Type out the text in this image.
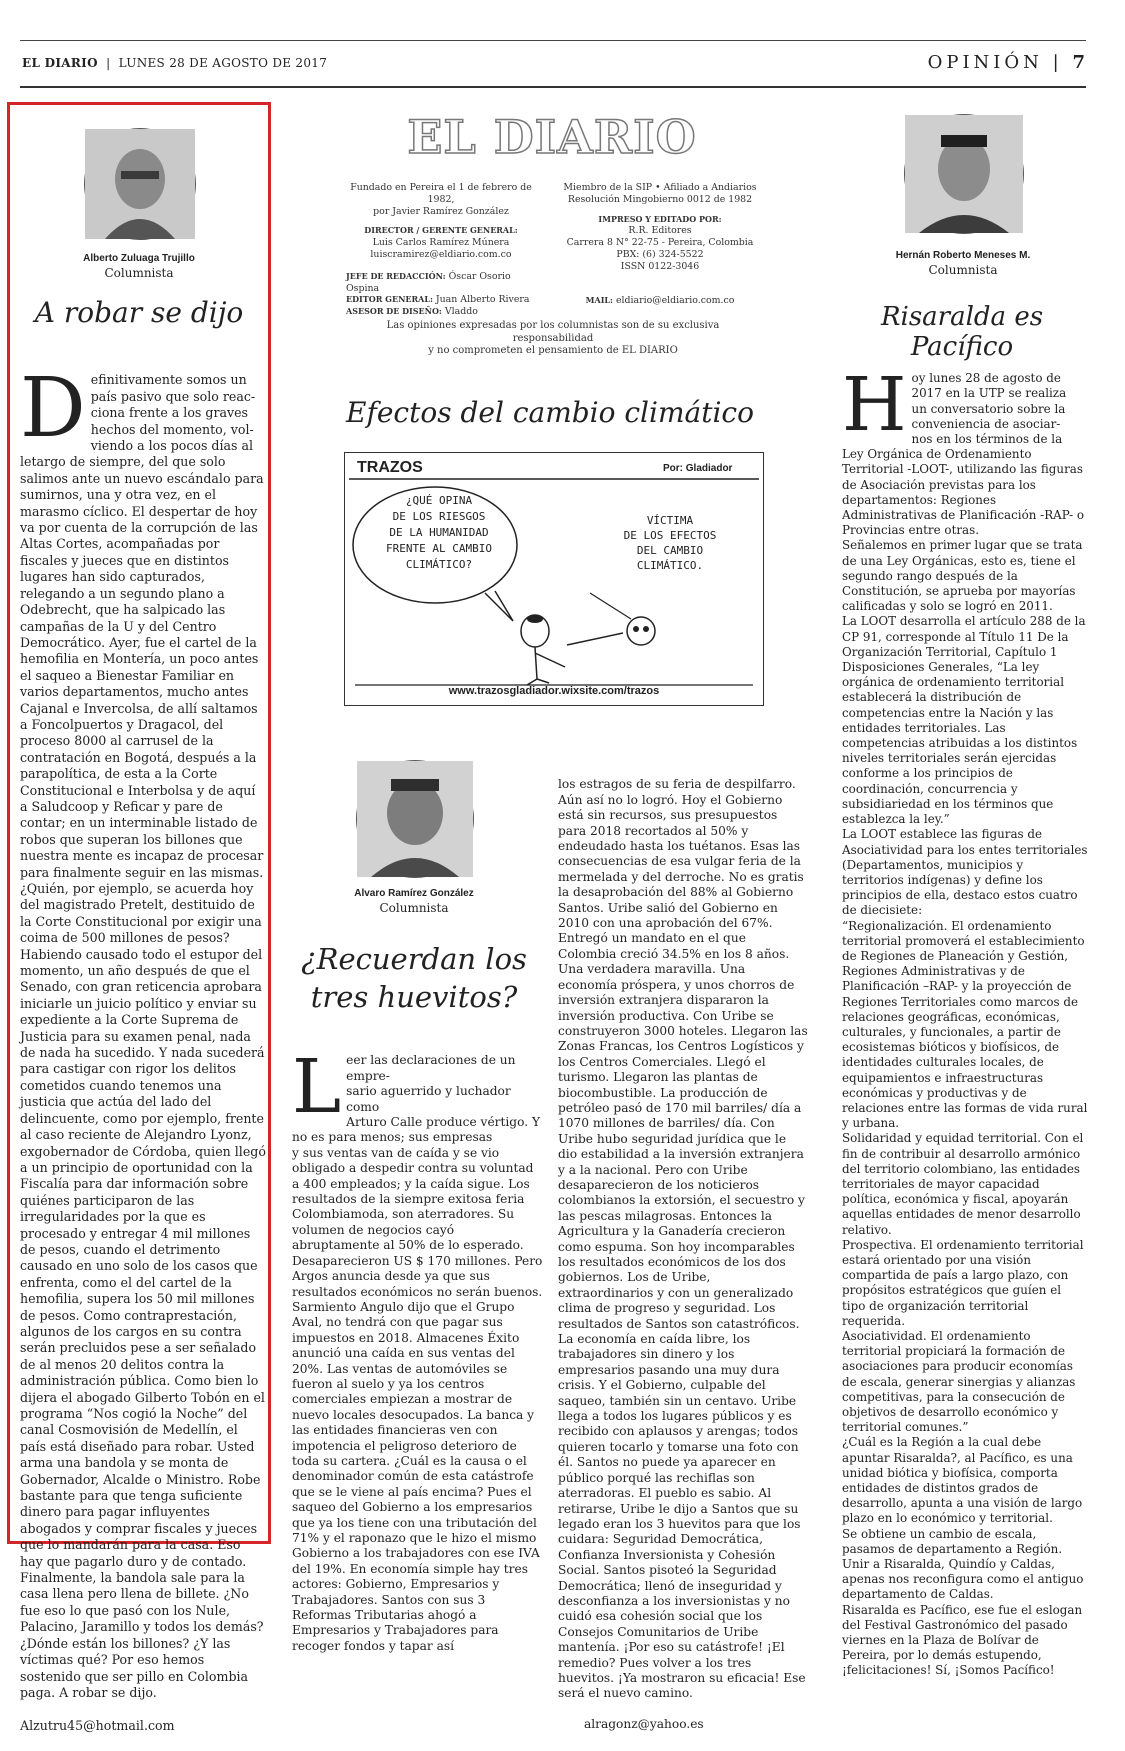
EL DIARIO  |  LUNES 28 DE AGOSTO DE 2017	OPINIÓN | 7
Alberto Zuluaga Trujillo
Columnista
A robar se dijo

Definitivamente somos un
país pasivo que solo reac-
ciona frente a los graves
hechos del momento, vol-
viendo a los pocos días al

letargo de siempre, del que solo salimos ante un nuevo escándalo para sumirnos, una y otra vez, en el marasmo cíclico. El despertar de hoy va por cuenta de la corrupción de las Altas Cortes, acompañadas por fiscales y jueces que en distintos lugares han sido capturados, relegando a un segundo plano a Odebrecht, que ha salpicado las campañas de la U y del Centro Democrático. Ayer, fue el cartel de la hemofilia en Montería, un poco antes el saqueo a Bienestar Familiar en varios departamentos, mucho antes Cajanal e Invercolsa, de allí saltamos a Foncolpuertos y Dragacol, del proceso 8000 al carrusel de la contratación en Bogotá, después a la parapolítica, de esta a la Corte Constitucional e Interbolsa y de aquí a Saludcoop y Reficar y pare de contar; en un interminable listado de robos que superan los billones que nuestra mente es incapaz de procesar para finalmente seguir en las mismas. ¿Quién, por ejemplo, se acuerda hoy del magistrado Pretelt, destituido de la Corte Constitucional por exigir una coima de 500 millones de pesos? Habiendo causado todo el estupor del momento, un año después de que el Senado, con gran reticencia aprobara iniciarle un juicio político y enviar su expediente a la Corte Suprema de Justicia para su examen penal, nada de nada ha sucedido. Y nada sucederá para castigar con rigor los delitos cometidos cuando tenemos una justicia que actúa del lado del delincuente, como por ejemplo, frente al caso reciente de Alejandro Lyonz, exgobernador de Córdoba, quien llegó a un principio de oportunidad con la Fiscalía para dar información sobre quiénes participaron de las irregularidades por la que es procesado y entregar 4 mil millones de pesos, cuando el detrimento causado en uno solo de los casos que enfrenta, como el del cartel de la hemofilia, supera los 50 mil millones de pesos. Como contraprestación, algunos de los cargos en su contra serán precluidos pese a ser señalado de al menos 20 delitos contra la administración pública. Como bien lo dijera el abogado Gilberto Tobón en el programa “Nos cogió la Noche” del canal Cosmovisión de Medellín, el país está diseñado para robar. Usted arma una bandola y se monta de Gobernador, Alcalde o Ministro. Robe bastante para que tenga suficiente dinero para pagar influyentes abogados y comprar fiscales y jueces que lo mandarán para la casa. Eso hay que pagarlo duro y de contado. Finalmente, la bandola sale para la casa llena pero llena de billete. ¿No fue eso lo que pasó con los Nule, Palacino, Jaramillo y todos los demás? ¿Dónde están los billones? ¿Y las víctimas qué? Por eso hemos sostenido que ser pillo en Colombia paga. A robar se dijo.

Alzutru45@hotmail.com

EL DIARIO
Fundado en Pereira el 1 de febrero de 1982,
por Javier Ramírez González
DIRECTOR / GERENTE GENERAL:
Luis Carlos Ramírez Múnera
luiscramirez@eldiario.com.co
JEFE DE REDACCIÓN: Óscar Osorio Ospina
EDITOR GENERAL: Juan Alberto Rivera
ASESOR DE DISEÑO: Vladdo
Miembro de la SIP • Afiliado a Andiarios
Resolución Mingobierno 0012 de 1982
IMPRESO Y EDITADO POR:
R.R. Editores
Carrera 8 N° 22-75 - Pereira, Colombia
PBX: (6) 324-5522
ISSN 0122-3046
MAIL: eldiario@eldiario.com.co
Las opiniones expresadas por los columnistas son de su exclusiva responsabilidad
y no comprometen el pensamiento de EL DIARIO
Efectos del cambio climático
TRAZOS	Por: Gladiador
¿QUÉ OPINA
DE LOS RIESGOS
DE LA HUMANIDAD
FRENTE AL CAMBIO
CLIMÁTICO?
VÍCTIMA
DE LOS EFECTOS
DEL CAMBIO
CLIMÁTICO.
www.trazosgladiador.wixsite.com/trazos
Alvaro Ramírez González
Columnista
¿Recuerdan los
tres huevitos?

Leer las declaraciones de un empre-
sario aguerrido y luchador como
Arturo Calle produce vértigo. Y
no es para menos; sus empresas
y sus ventas van de caída y se vio

obligado a despedir contra su voluntad a 400 empleados; y la caída sigue. Los resultados de la siempre exitosa feria Colombiamoda, son aterradores. Su volumen de negocios cayó abruptamente al 50% de lo esperado. Desaparecieron US $ 170 millones. Pero Argos anuncia desde ya que sus resultados económicos no serán buenos. Sarmiento Angulo dijo que el Grupo Aval, no tendrá con que pagar sus impuestos en 2018. Almacenes Éxito anunció una caída en sus ventas del 20%. Las ventas de automóviles se fueron al suelo y ya los centros comerciales empiezan a mostrar de nuevo locales desocupados. La banca y las entidades financieras ven con impotencia el peligroso deterioro de toda su cartera. ¿Cuál es la causa o el denominador común de esta catástrofe que se le viene al país encima? Pues el saqueo del Gobierno a los empresarios que ya los tiene con una tributación del 71% y el raponazo que le hizo el mismo Gobierno a los trabajadores con ese IVA del 19%. En economía simple hay tres actores: Gobierno, Empresarios y Trabajadores. Santos con sus 3 Reformas Tributarias ahogó a Empresarios y Trabajadores para recoger fondos y tapar así

los estragos de su feria de despilfarro. Aún así no lo logró. Hoy el Gobierno está sin recursos, sus presupuestos para 2018 recortados al 50% y endeudado hasta los tuétanos. Esas las consecuencias de esa vulgar feria de la mermelada y del derroche. No es gratis la desaprobación del 88% al Gobierno Santos. Uribe salió del Gobierno en 2010 con una aprobación del 67%. Entregó un mandato en el que Colombia creció 34.5% en los 8 años. Una verdadera maravilla. Una economía próspera, y unos chorros de inversión extranjera dispararon la inversión productiva. Con Uribe se construyeron 3000 hoteles. Llegaron las Zonas Francas, los Centros Logísticos y los Centros Comerciales. Llegó el turismo. Llegaron las plantas de biocombustible. La producción de petróleo pasó de 170 mil barriles/ día a 1070 millones de barriles/ día. Con Uribe hubo seguridad jurídica que le dio estabilidad a la inversión extranjera y a la nacional. Pero con Uribe desaparecieron de los noticieros colombianos la extorsión, el secuestro y las pescas milagrosas. Entonces la Agricultura y la Ganadería crecieron como espuma. Son hoy incomparables los resultados económicos de los dos gobiernos. Los de Uribe, extraordinarios y con un generalizado clima de progreso y seguridad. Los resultados de Santos son catastróficos. La economía en caída libre, los trabajadores sin dinero y los empresarios pasando una muy dura crisis. Y el Gobierno, culpable del saqueo, también sin un centavo. Uribe llega a todos los lugares públicos y es recibido con aplausos y arengas; todos quieren tocarlo y tomarse una foto con él. Santos no puede ya aparecer en público porqué las rechiflas son aterradoras. El pueblo es sabio. Al retirarse, Uribe le dijo a Santos que su legado eran los 3 huevitos para que los cuidara: Seguridad Democrática, Confianza Inversionista y Cohesión Social. Santos pisoteó la Seguridad Democrática; llenó de inseguridad y desconfianza a los inversionistas y no cuidó esa cohesión social que los Consejos Comunitarios de Uribe mantenía. ¡Por eso su catástrofe! ¡El remedio? Pues volver a los tres huevitos. ¡Ya mostraron su eficacia! Ese será el nuevo camino.

alragonz@yahoo.es

Hernán Roberto Meneses M.
Columnista
Risaralda es Pacífico

Hoy lunes 28 de agosto de
2017 en la UTP se realiza
un conversatorio sobre la
conveniencia de asociar-
nos en los términos de la

Ley Orgánica de Ordenamiento Territorial -LOOT-, utilizando las figuras de Asociación previstas para los departamentos: Regiones Administrativas de Planificación -RAP- o Provincias entre otras.
Señalemos en primer lugar que se trata de una Ley Orgánicas, esto es, tiene el segundo rango después de la Constitución, se aprueba por mayorías calificadas y solo se logró en 2011.
La LOOT desarrolla el artículo 288 de la CP 91, corresponde al Título 11 De la Organización Territorial, Capítulo 1 Disposiciones Generales, “La ley orgánica de ordenamiento territorial establecerá la distribución de competencias entre la Nación y las entidades territoriales. Las competencias atribuidas a los distintos niveles territoriales serán ejercidas conforme a los principios de coordinación, concurrencia y subsidiariedad en los términos que establezca la ley.”
La LOOT establece las figuras de Asociatividad para los entes territoriales (Departamentos, municipios y territorios indígenas) y define los principios de ella, destaco estos cuatro de diecisiete:
“Regionalización. El ordenamiento territorial promoverá el establecimiento de Regiones de Planeación y Gestión, Regiones Administrativas y de Planificación –RAP- y la proyección de Regiones Territoriales como marcos de relaciones geográficas, económicas, culturales, y funcionales, a partir de ecosistemas bióticos y biofísicos, de identidades culturales locales, de equipamientos e infraestructuras económicas y productivas y de relaciones entre las formas de vida rural y urbana.
Solidaridad y equidad territorial. Con el fin de contribuir al desarrollo armónico del territorio colombiano, las entidades territoriales de mayor capacidad política, económica y fiscal, apoyarán aquellas entidades de menor desarrollo relativo.
Prospectiva. El ordenamiento territorial estará orientado por una visión compartida de país a largo plazo, con propósitos estratégicos que guíen el tipo de organización territorial requerida.
Asociatividad. El ordenamiento territorial propiciará la formación de asociaciones para producir economías de escala, generar sinergias y alianzas competitivas, para la consecución de objetivos de desarrollo económico y territorial comunes.”
¿Cuál es la Región a la cual debe apuntar Risaralda?, al Pacífico, es una unidad biótica y biofísica, comporta entidades de distintos grados de desarrollo, apunta a una visión de largo plazo en lo económico y territorial.
Se obtiene un cambio de escala, pasamos de departamento a Región. Unir a Risaralda, Quindío y Caldas, apenas nos reconfigura como el antiguo departamento de Caldas.
Risaralda es Pacífico, ese fue el eslogan del Festival Gastronómico del pasado viernes en la Plaza de Bolívar de Pereira, por lo demás estupendo, ¡felicitaciones! Sí, ¡Somos Pacífico!
